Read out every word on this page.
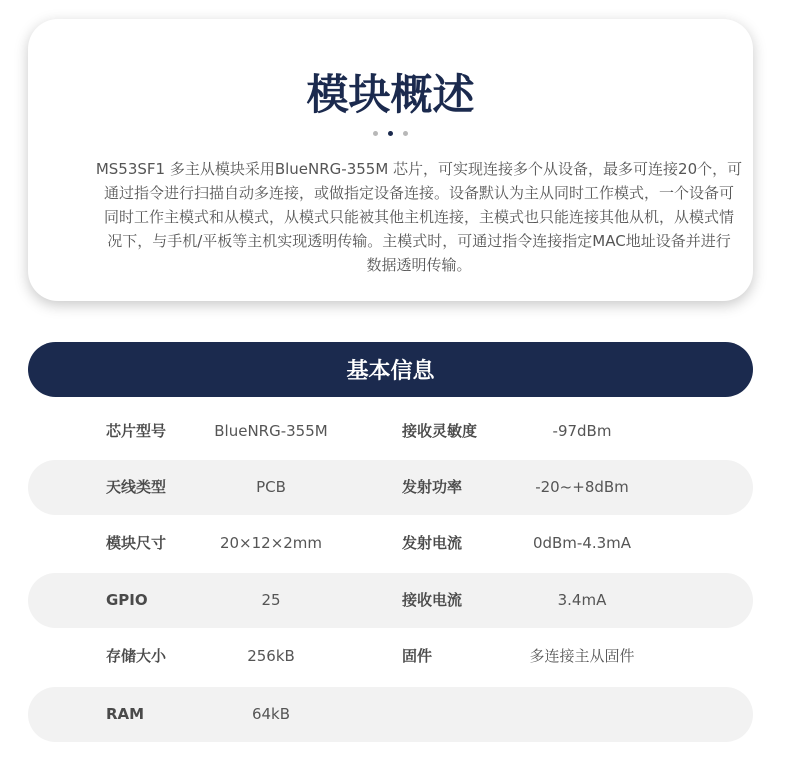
模块概述

MS53SF1 多主从模块采用BlueNRG-355M 芯片，可实现连接多个从设备，最多可连接20个，可
通过指令进行扫描自动多连接，或做指定设备连接。设备默认为主从同时工作模式，一个设备可
同时工作主模式和从模式，从模式只能被其他主机连接，主模式也只能连接其他从机，从模式情
况下，与手机/平板等主机实现透明传输。主模式时，可通过指令连接指定MAC地址设备并进行
数据透明传输。

基本信息
芯片型号	BlueNRG-355M	接收灵敏度	-97dBm
天线类型	PCB	发射功率	-20~+8dBm
模块尺寸	20×12×2mm	发射电流	0dBm-4.3mA
GPIO	25	接收电流	3.4mA
存储大小	256kB	固件	多连接主从固件
RAM	64kB
